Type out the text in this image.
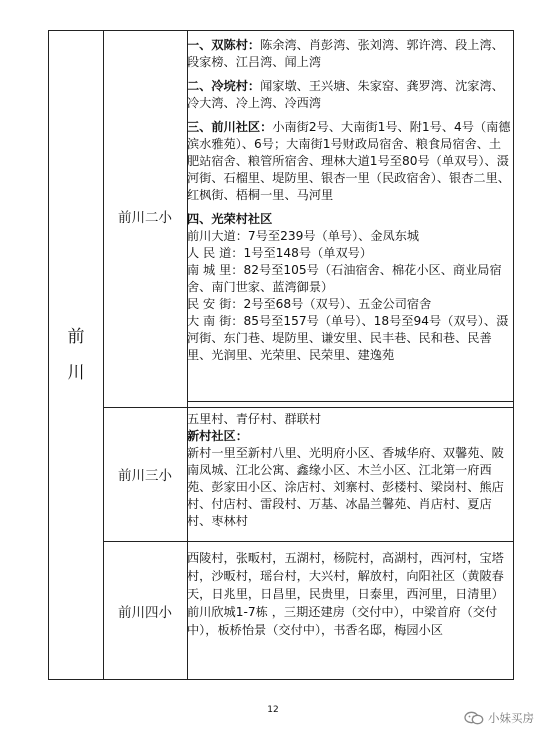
前
川
前川二小

一、双陈村：陈余湾、肖彭湾、张刘湾、郭许湾、段上湾、段家榜、江吕湾、闻上湾

二、冷垸村：闻家墩、王兴塘、朱家窑、龚罗湾、沈家湾、冷大湾、冷上湾、冷西湾

三、前川社区：小南街2号、大南街1号、附1号、4号（南德滨水雅苑）、6号；大南街1号财政局宿舍、粮食局宿舍、土肥站宿舍、粮管所宿舍、理林大道1号至80号（单双号）、滠河街、石榴里、堤防里、银杏一里（民政宿舍）、银杏二里、红枫街、梧桐一里、马河里

四、光荣村社区

前川大道：7号至239号（单号）、金凤东城
人 民 道：1号至148号（单双号）
南 城 里：82号至105号（石油宿舍、棉花小区、商业局宿舍、南门世家、蓝湾御景）
民 安 街：2号至68号（双号）、五金公司宿舍
大 南 街：85号至157号（单号）、18号至94号（双号）、滠河街、东门巷、堤防里、谦安里、民丰巷、民和巷、民善里、光润里、光荣里、民荣里、建逸苑

前川三小

五里村、青仔村、群联村

新村社区：

新村一里至新村八里、光明府小区、香城华府、双馨苑、陂南凤城、江北公寓、鑫缘小区、木兰小区、江北第一府西苑、彭家田小区、涂店村、刘寨村、彭楼村、梁岗村、熊店村、付店村、雷段村、万基、冰晶兰馨苑、肖店村、夏店村、枣林村

前川四小

西陵村，张畈村，五湖村，杨院村，高湖村，西河村，宝塔村，沙畈村，瑶台村，大兴村，解放村，向阳社区（黄陂春天，日兆里，日昌里，民贵里，日泰里，西河里，日清里） 前川欣城1-7栋 ，三期还建房（交付中），中梁首府（交付中），板桥怡景（交付中），书香名邸，梅园小区

12
小妹买房
